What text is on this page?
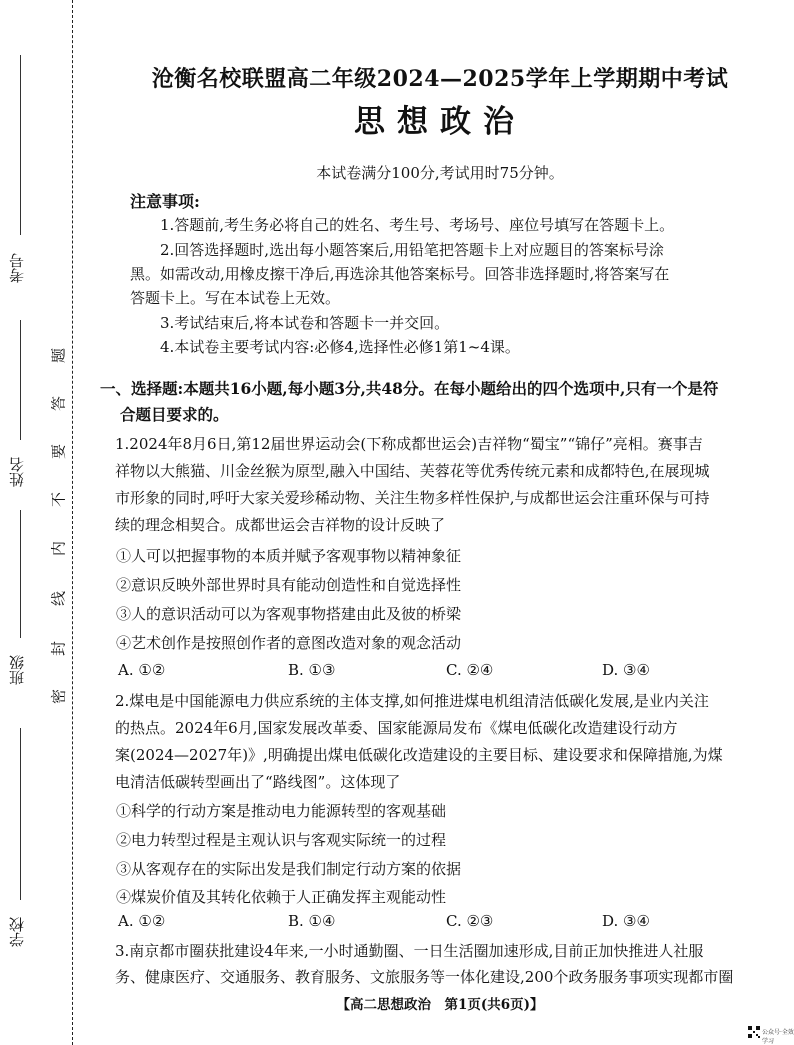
考号
姓名
班级
学校
题
答
要
不
内
线
封
密
沧衡名校联盟高二年级2024—2025学年上学期期中考试
思想政治
本试卷满分100分,考试用时75分钟。
注意事项:
1.答题前,考生务必将自己的姓名、考生号、考场号、座位号填写在答题卡上。
2.回答选择题时,选出每小题答案后,用铅笔把答题卡上对应题目的答案标号涂
黑。如需改动,用橡皮擦干净后,再选涂其他答案标号。回答非选择题时,将答案写在
答题卡上。写在本试卷上无效。
3.考试结束后,将本试卷和答题卡一并交回。
4.本试卷主要考试内容:必修4,选择性必修1第1~4课。
一、选择题:本题共16小题,每小题3分,共48分。在每小题给出的四个选项中,只有一个是符
合题目要求的。
1.2024年8月6日,第12届世界运动会(下称成都世运会)吉祥物“蜀宝”“锦仔”亮相。赛事吉
祥物以大熊猫、川金丝猴为原型,融入中国结、芙蓉花等优秀传统元素和成都特色,在展现城
市形象的同时,呼吁大家关爱珍稀动物、关注生物多样性保护,与成都世运会注重环保与可持
续的理念相契合。成都世运会吉祥物的设计反映了
①人可以把握事物的本质并赋予客观事物以精神象征
②意识反映外部世界时具有能动创造性和自觉选择性
③人的意识活动可以为客观事物搭建由此及彼的桥梁
④艺术创作是按照创作者的意图改造对象的观念活动
A. ①②	B. ①③	C. ②④	D. ③④
2.煤电是中国能源电力供应系统的主体支撑,如何推进煤电机组清洁低碳化发展,是业内关注
的热点。2024年6月,国家发展改革委、国家能源局发布《煤电低碳化改造建设行动方
案(2024—2027年)》,明确提出煤电低碳化改造建设的主要目标、建设要求和保障措施,为煤
电清洁低碳转型画出了“路线图”。这体现了
①科学的行动方案是推动电力能源转型的客观基础
②电力转型过程是主观认识与客观实际统一的过程
③从客观存在的实际出发是我们制定行动方案的依据
④煤炭价值及其转化依赖于人正确发挥主观能动性
A. ①②	B. ①④	C. ②③	D. ③④
3.南京都市圈获批建设4年来,一小时通勤圈、一日生活圈加速形成,目前正加快推进人社服
务、健康医疗、交通服务、教育服务、文旅服务等一体化建设,200个政务服务事项实现都市圈
【高二思想政治　第1页(共6页)】
公众号·全效学习
